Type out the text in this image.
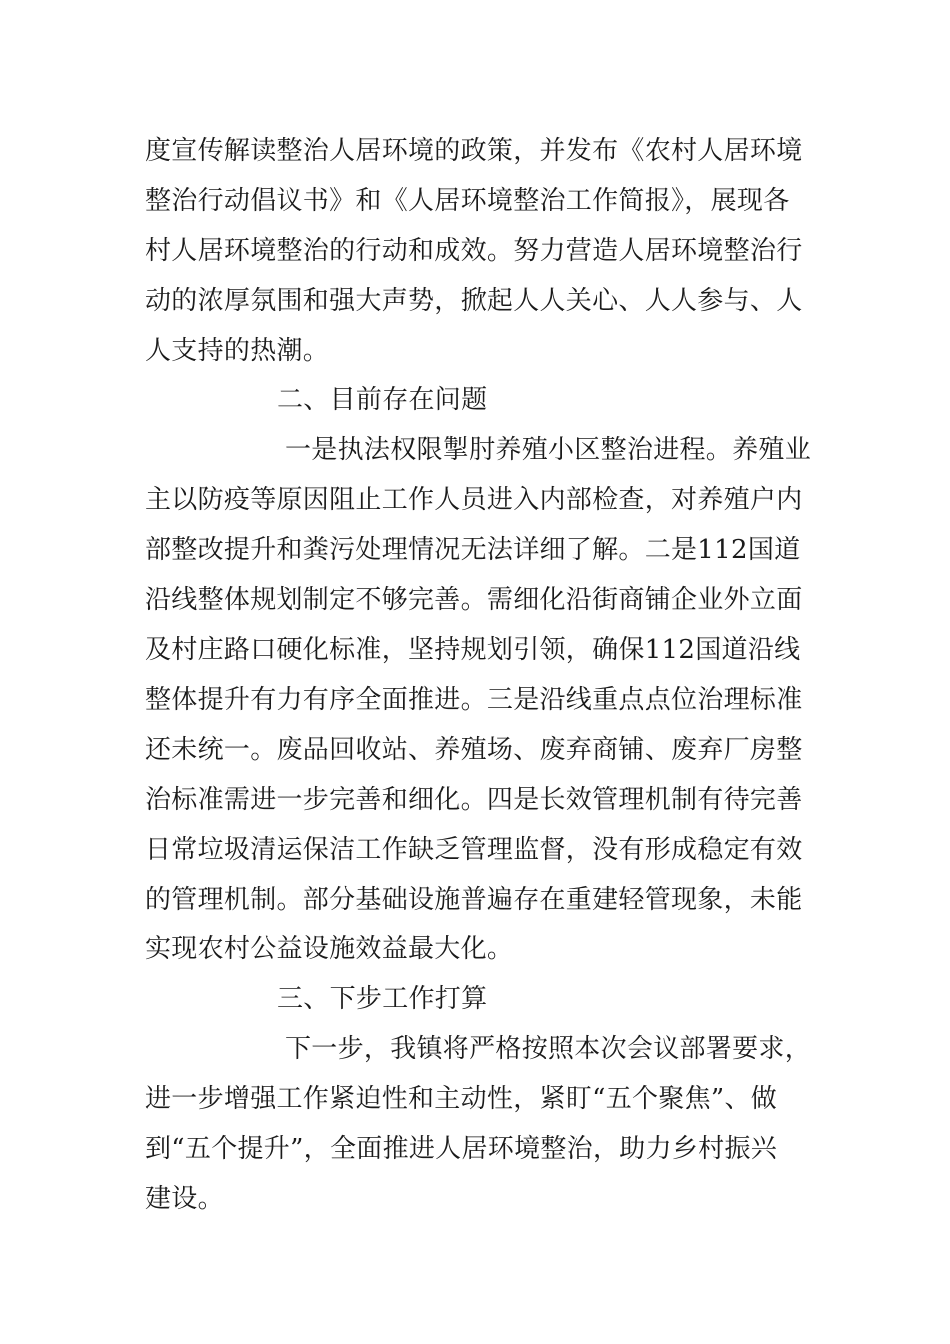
度宣传解读整治人居环境的政策，并发布《农村人居环境
整治行动倡议书》和《人居环境整治工作简报》，展现各
村人居环境整治的行动和成效。努力营造人居环境整治行
动的浓厚氛围和强大声势，掀起人人关心、人人参与、人
人支持的热潮。
二、目前存在问题
一是执法权限掣肘养殖小区整治进程。养殖业
主以防疫等原因阻止工作人员进入内部检查，对养殖户内
部整改提升和粪污处理情况无法详细了解。二是112国道
沿线整体规划制定不够完善。需细化沿街商铺企业外立面
及村庄路口硬化标准，坚持规划引领，确保112国道沿线
整体提升有力有序全面推进。三是沿线重点点位治理标准
还未统一。废品回收站、养殖场、废弃商铺、废弃厂房整
治标准需进一步完善和细化。四是长效管理机制有待完善
日常垃圾清运保洁工作缺乏管理监督，没有形成稳定有效
的管理机制。部分基础设施普遍存在重建轻管现象，未能
实现农村公益设施效益最大化。
三、下步工作打算
下一步，我镇将严格按照本次会议部署要求，
进一步增强工作紧迫性和主动性，紧盯“五个聚焦”、做
到“五个提升”，全面推进人居环境整治，助力乡村振兴
建设。
